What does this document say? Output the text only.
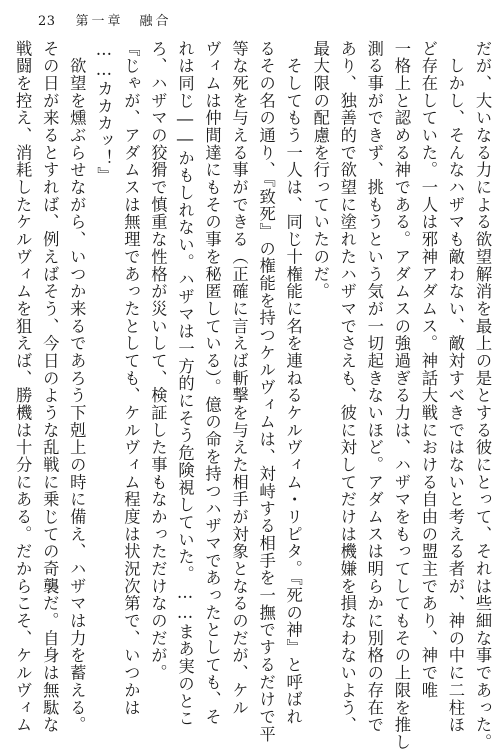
23 第一章　融合
だが、大いなる力による欲望解消を最上の是とする彼にとって、それは些細な事であった。
　しかし、そんなハザマも敵わない、敵対すべきではないと考える者が、神の中に二柱ほ
ど存在していた。一人は邪神アダムス。神話大戦における自由の盟主であり、神で唯
一格上と認める神である。アダムスの強過ぎる力は、ハザマをもってしてもその上限を推し
測る事ができず、挑もうという気が一切起きないほど。アダムスは明らかに別格の存在で
あり、独善的で欲望に塗れたハザマでさえも、彼に対してだけは機嫌を損なわないよう、
最大限の配慮を行っていたのだ。
　そしてもう一人は、同じ十権能に名を連ねるケルヴィム・リピタ。『死の神』と呼ばれ
るその名の通り、『致死』の権能を持つケルヴィムは、対峙する相手を一撫でするだけで平
等な死を与える事ができる（正確に言えば斬撃を与えた相手が対象となるのだが、ケル
ヴィムは仲間達にもその事を秘匿している）。億の命を持つハザマであったとしても、そ
れは同じ――かもしれない。ハザマは一方的にそう危険視していた。……まあ実のとこ
ろ、ハザマの狡猾で慎重な性格が災いして、検証した事もなかっただけなのだが。
『じゃが、アダムスは無理であったとしても、ケルヴィム程度は状況次第で、いつかは
……カカカッ！』
　欲望を燻ぶらせながら、いつか来るであろう下剋上の時に備え、ハザマは力を蓄える。
その日が来るとすれば、例えばそう、今日のような乱戦に乗じての奇襲だ。自身は無駄な
戦闘を控え、消耗したケルヴィムを狙えば、勝機は十分にある。だからこそ、ケルヴィム
